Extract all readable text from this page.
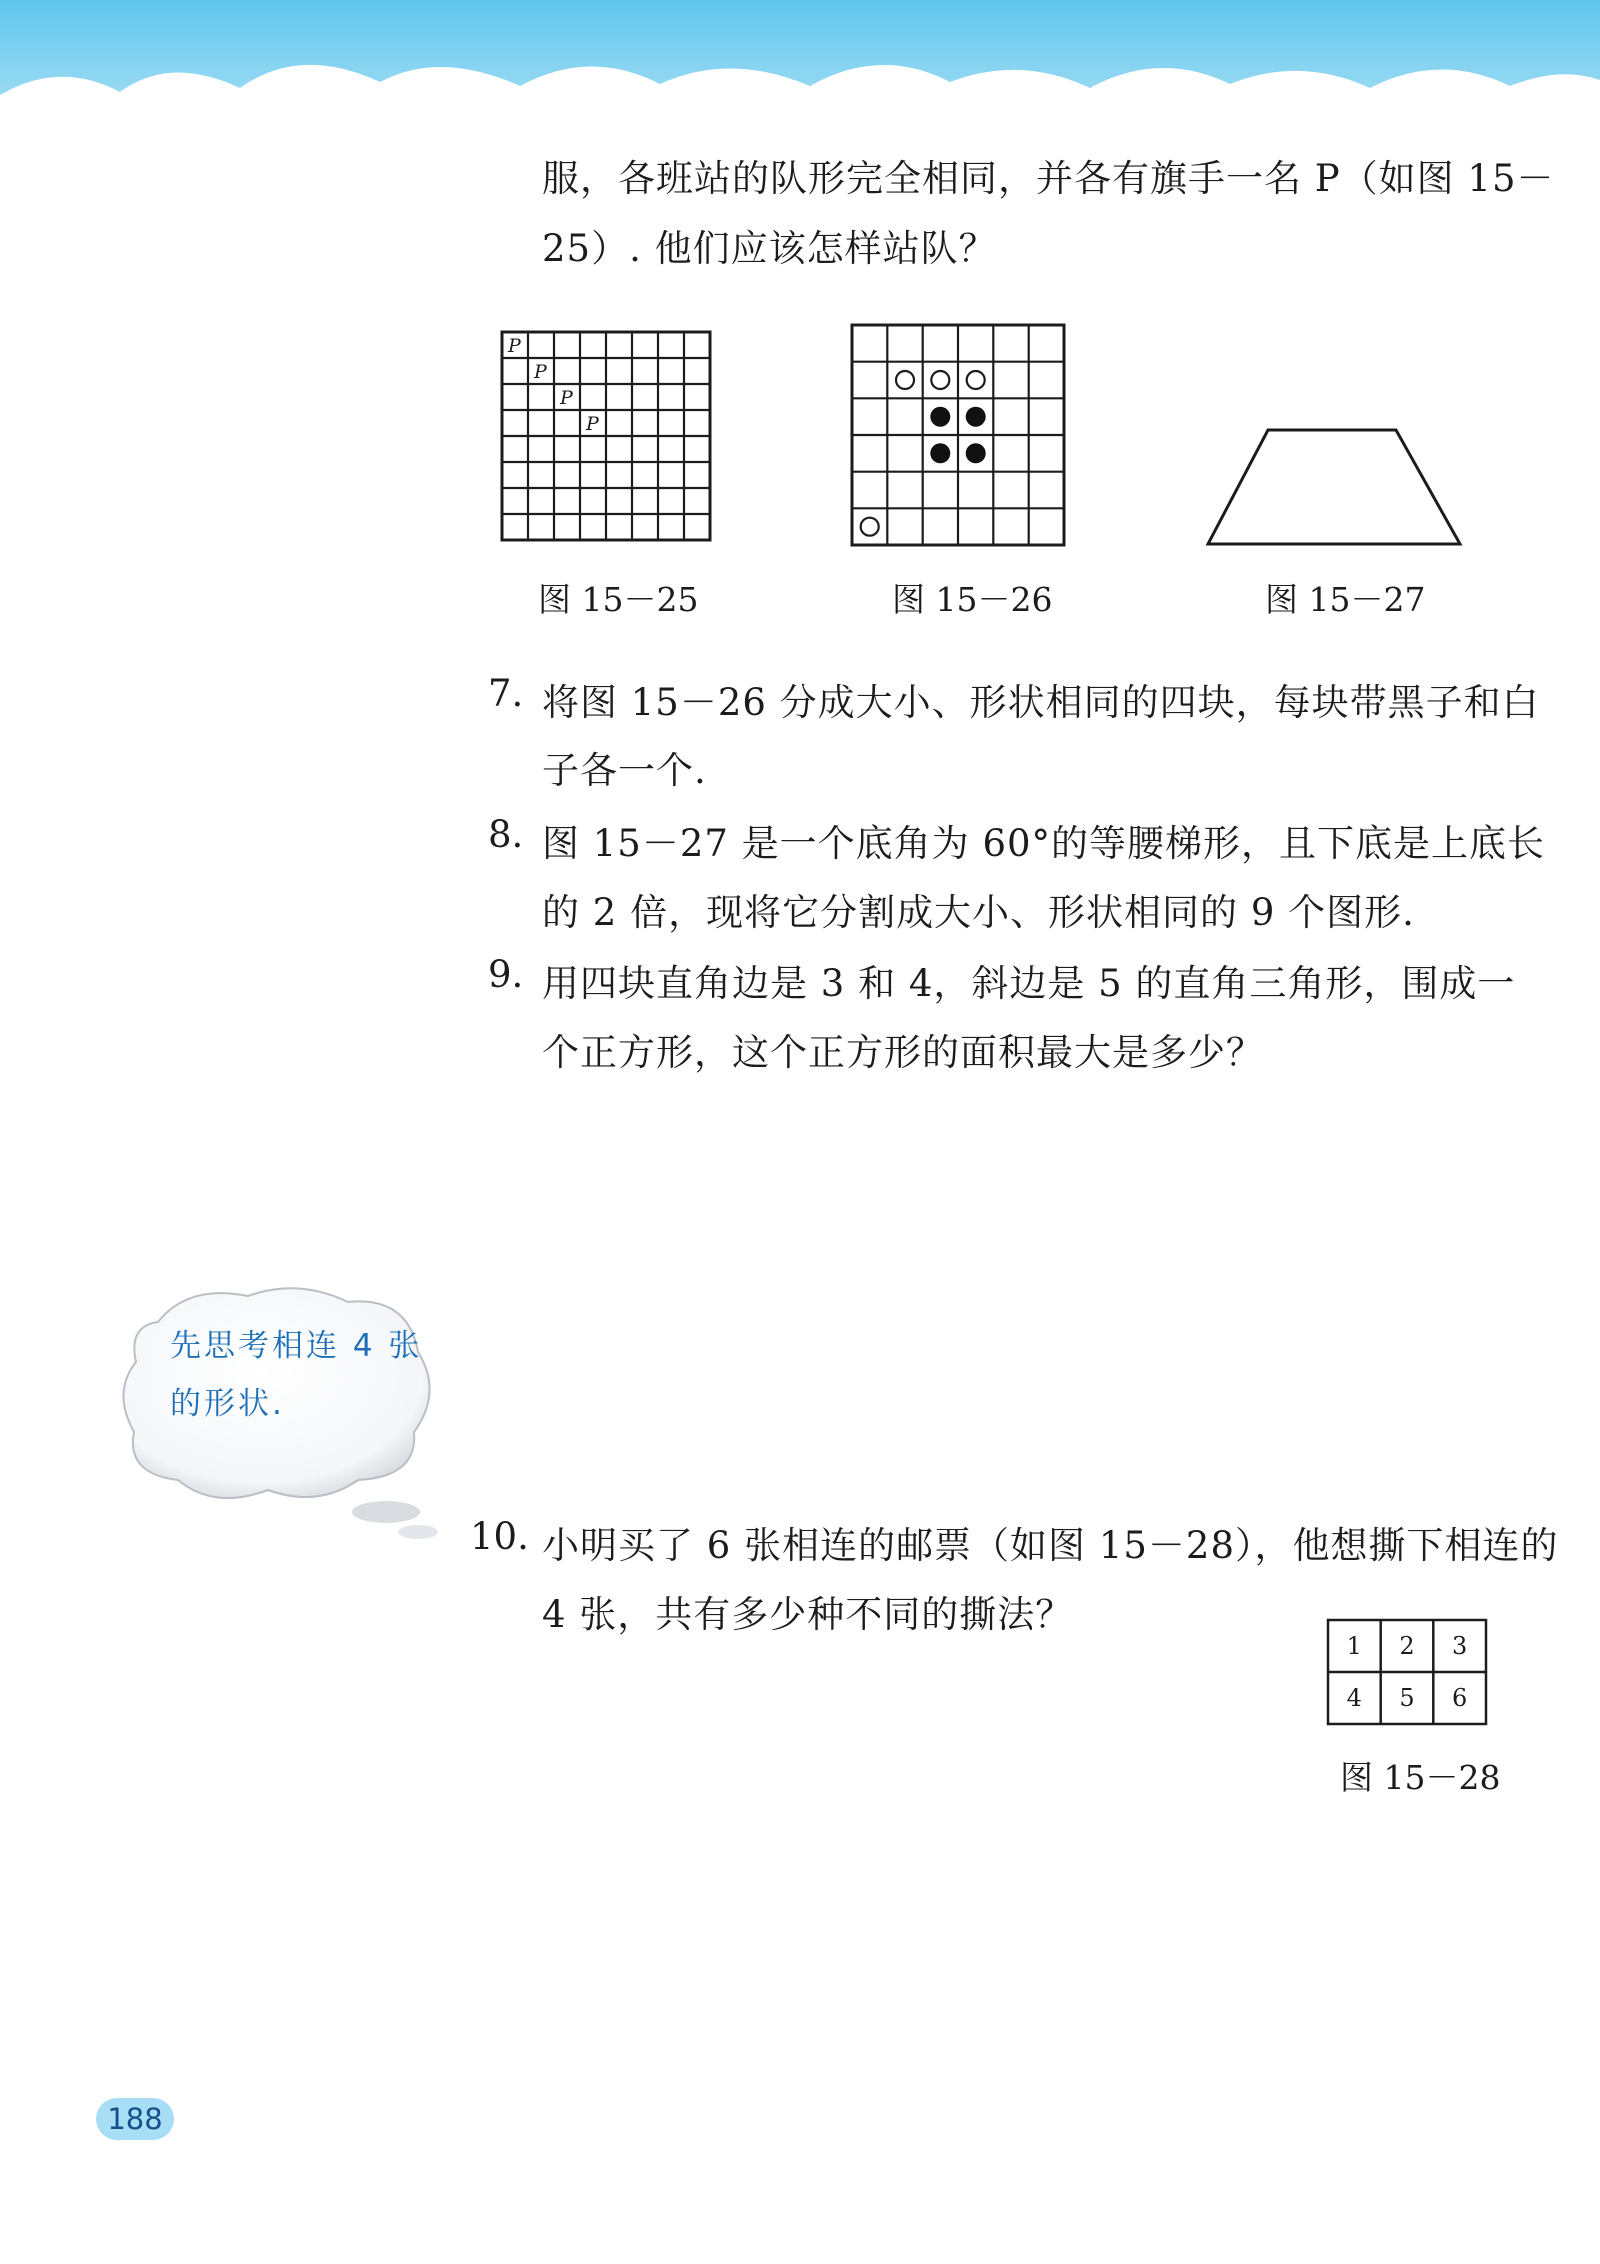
服，各班站的队形完全相同，并各有旗手一名 P（如图 15－
25）. 他们应该怎样站队？
P
P
P
P
图 15－25	图 15－26	图 15－27
7. 将图 15－26 分成大小、形状相同的四块，每块带黑子和白
子各一个.
8. 图 15－27 是一个底角为 60°的等腰梯形，且下底是上底长
的 2 倍，现将它分割成大小、形状相同的 9 个图形.
9. 用四块直角边是 3 和 4，斜边是 5 的直角三角形，围成一
个正方形，这个正方形的面积最大是多少？
先思考相连 4 张
的形状.
10. 小明买了 6 张相连的邮票（如图 15－28），他想撕下相连的
4 张，共有多少种不同的撕法？
1 2 3
4 5 6
图 15－28
188
